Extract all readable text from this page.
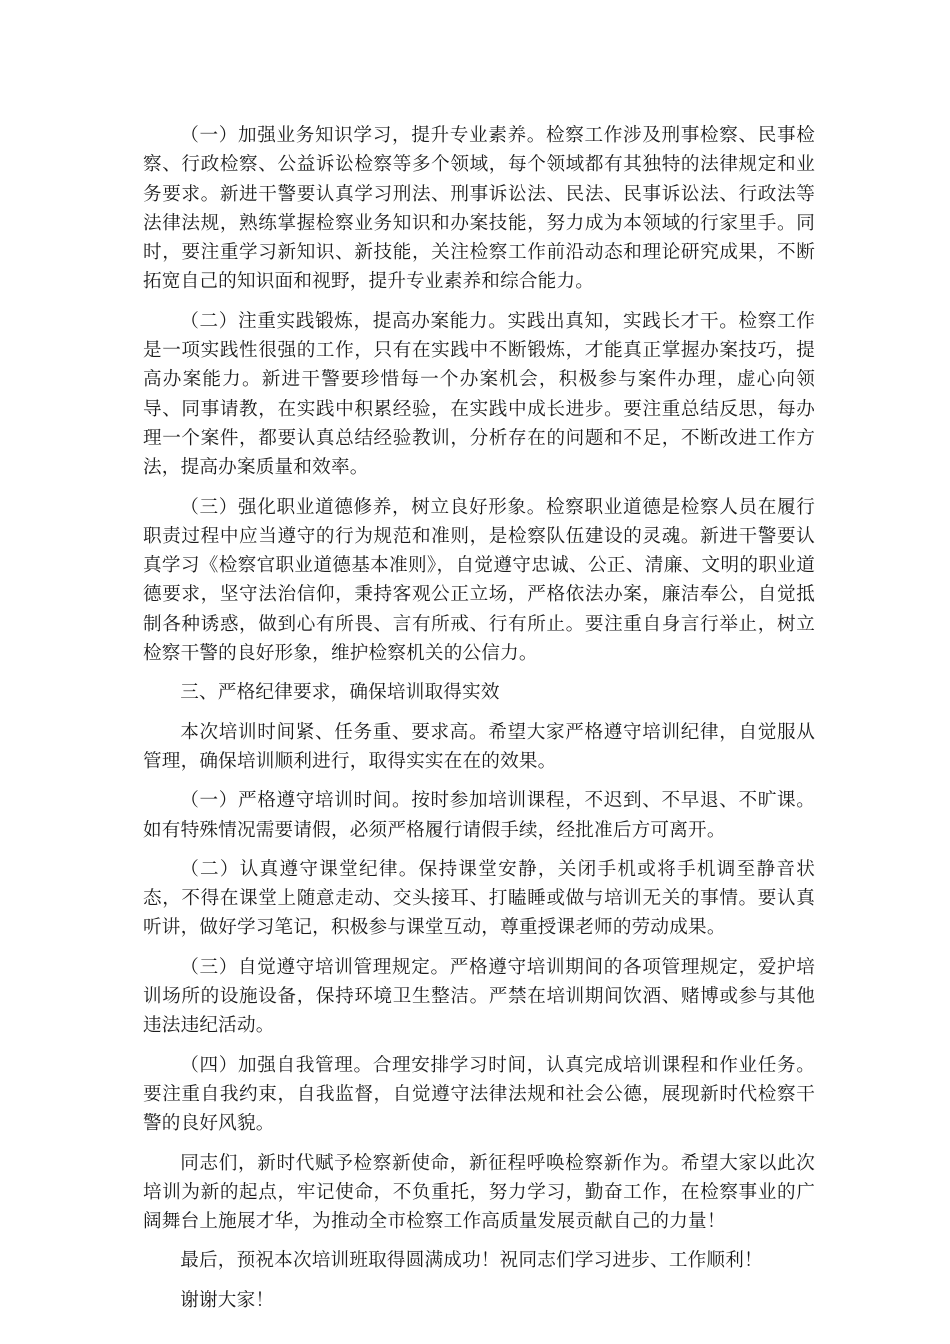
（一）加强业务知识学习，提升专业素养。检察工作涉及刑事检察、民事检察、行政检察、公益诉讼检察等多个领域，每个领域都有其独特的法律规定和业务要求。新进干警要认真学习刑法、刑事诉讼法、民法、民事诉讼法、行政法等法律法规，熟练掌握检察业务知识和办案技能，努力成为本领域的行家里手。同时，要注重学习新知识、新技能，关注检察工作前沿动态和理论研究成果，不断拓宽自己的知识面和视野，提升专业素养和综合能力。

（二）注重实践锻炼，提高办案能力。实践出真知，实践长才干。检察工作是一项实践性很强的工作，只有在实践中不断锻炼，才能真正掌握办案技巧，提高办案能力。新进干警要珍惜每一个办案机会，积极参与案件办理，虚心向领导、同事请教，在实践中积累经验，在实践中成长进步。要注重总结反思，每办理一个案件，都要认真总结经验教训，分析存在的问题和不足，不断改进工作方法，提高办案质量和效率。

（三）强化职业道德修养，树立良好形象。检察职业道德是检察人员在履行职责过程中应当遵守的行为规范和准则，是检察队伍建设的灵魂。新进干警要认真学习《检察官职业道德基本准则》，自觉遵守忠诚、公正、清廉、文明的职业道德要求，坚守法治信仰，秉持客观公正立场，严格依法办案，廉洁奉公，自觉抵制各种诱惑，做到心有所畏、言有所戒、行有所止。要注重自身言行举止，树立检察干警的良好形象，维护检察机关的公信力。

三、严格纪律要求，确保培训取得实效

本次培训时间紧、任务重、要求高。希望大家严格遵守培训纪律，自觉服从管理，确保培训顺利进行，取得实实在在的效果。

（一）严格遵守培训时间。按时参加培训课程，不迟到、不早退、不旷课。如有特殊情况需要请假，必须严格履行请假手续，经批准后方可离开。

（二）认真遵守课堂纪律。保持课堂安静，关闭手机或将手机调至静音状态，不得在课堂上随意走动、交头接耳、打瞌睡或做与培训无关的事情。要认真听讲，做好学习笔记，积极参与课堂互动，尊重授课老师的劳动成果。

（三）自觉遵守培训管理规定。严格遵守培训期间的各项管理规定，爱护培训场所的设施设备，保持环境卫生整洁。严禁在培训期间饮酒、赌博或参与其他违法违纪活动。

（四）加强自我管理。合理安排学习时间，认真完成培训课程和作业任务。要注重自我约束，自我监督，自觉遵守法律法规和社会公德，展现新时代检察干警的良好风貌。

同志们，新时代赋予检察新使命，新征程呼唤检察新作为。希望大家以此次培训为新的起点，牢记使命，不负重托，努力学习，勤奋工作，在检察事业的广阔舞台上施展才华，为推动全市检察工作高质量发展贡献自己的力量！

最后，预祝本次培训班取得圆满成功！祝同志们学习进步、工作顺利！

谢谢大家！
